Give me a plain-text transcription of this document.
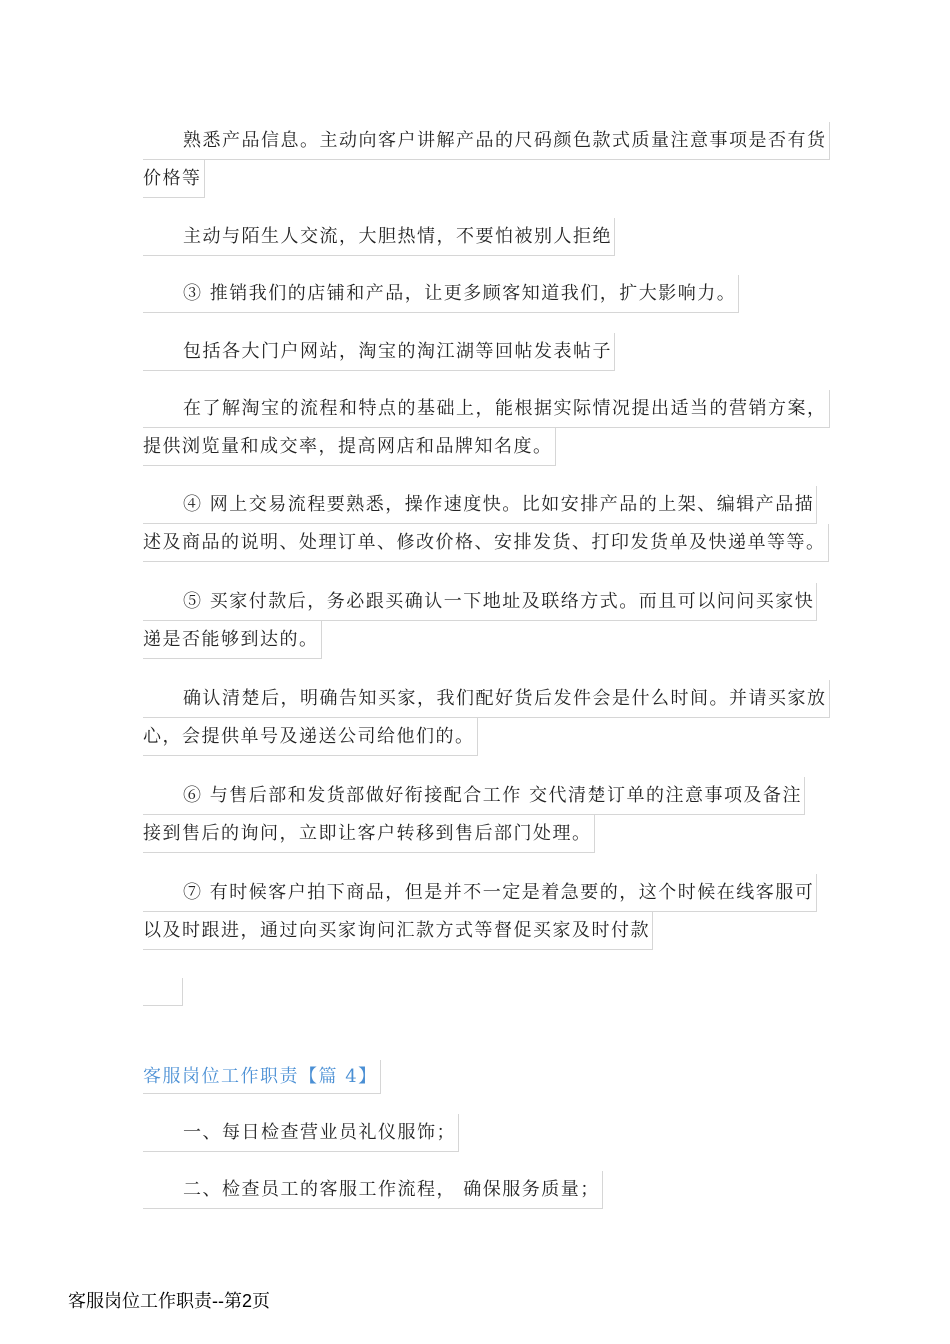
熟悉产品信息。主动向客户讲解产品的尺码颜色款式质量注意事项是否有货
价格等
主动与陌生人交流，大胆热情，不要怕被别人拒绝
③ 推销我们的店铺和产品，让更多顾客知道我们，扩大影响力。
包括各大门户网站，淘宝的淘江湖等回帖发表帖子
在了解淘宝的流程和特点的基础上，能根据实际情况提出适当的营销方案，
提供浏览量和成交率，提高网店和品牌知名度。
④ 网上交易流程要熟悉，操作速度快。比如安排产品的上架、编辑产品描
述及商品的说明、处理订单、修改价格、安排发货、打印发货单及快递单等等。
⑤ 买家付款后，务必跟买确认一下地址及联络方式。而且可以问问买家快
递是否能够到达的。
确认清楚后，明确告知买家，我们配好货后发件会是什么时间。并请买家放
心，会提供单号及递送公司给他们的。
⑥ 与售后部和发货部做好衔接配合工作 交代清楚订单的注意事项及备注
接到售后的询问，立即让客户转移到售后部门处理。
⑦ 有时候客户拍下商品，但是并不一定是着急要的，这个时候在线客服可
以及时跟进，通过向买家询问汇款方式等督促买家及时付款
客服岗位工作职责【篇 4】
一、每日检查营业员礼仪服饰；
二、检查员工的客服工作流程， 确保服务质量；
客服岗位工作职责--第2页
